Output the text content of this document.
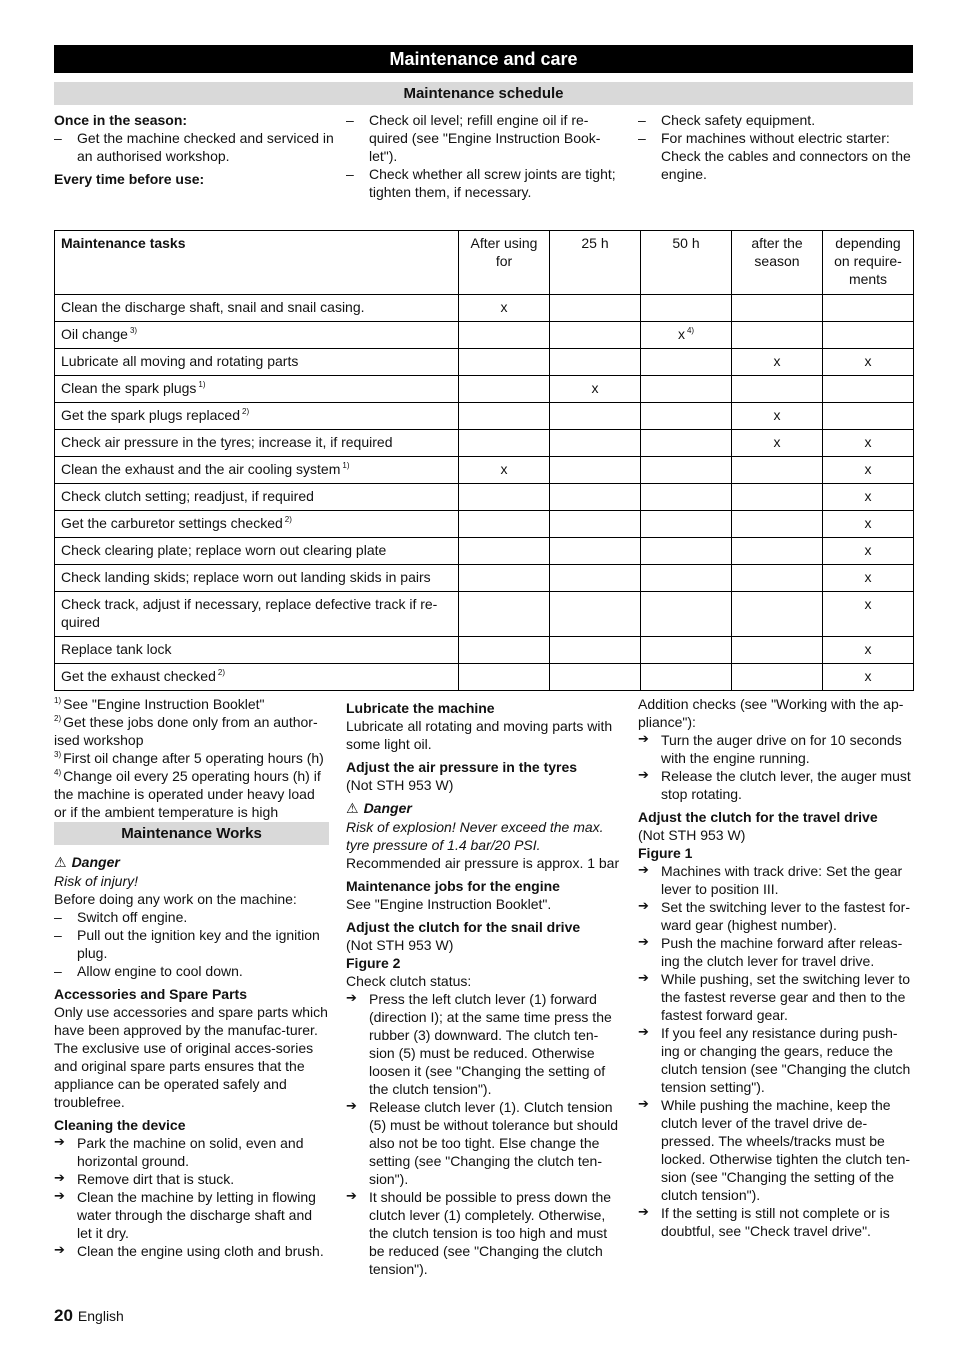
Maintenance and care
Maintenance schedule
Once in the season:
– Get the machine checked and serviced in an authorised workshop.
Every time before use:
– Check oil level; refill engine oil if re-quired (see "Engine Instruction Book-let").
– Check whether all screw joints are tight; tighten them, if necessary.
– Check safety equipment.
– For machines without electric starter: Check the cables and connectors on the engine.
Maintenance tasks	After using for	25 h	50 h	after the season	depending on require-ments
Clean the discharge shaft, snail and snail casing.	x				
Oil change $^{3)}$			x $^{4)}$		
Lubricate all moving and rotating parts				x	x
Clean the spark plugs $^{1)}$		x			
Get the spark plugs replaced $^{2)}$				x	
Check air pressure in the tyres; increase it, if required				x	x
Clean the exhaust and the air cooling system $^{1)}$	x				x
Check clutch setting; readjust, if required					x
Get the carburetor settings checked $^{2)}$					x
Check clearing plate; replace worn out clearing plate					x
Check landing skids; replace worn out landing skids in pairs					x
Check track, adjust if necessary, replace defective track if re-quired					x
Replace tank lock					x
Get the exhaust checked $^{2)}$					x
$^{1)}$ See "Engine Instruction Booklet"
$^{2)}$ Get these jobs done only from an author-ised workshop
$^{3)}$ First oil change after 5 operating hours (h)
$^{4)}$ Change oil every 25 operating hours (h) if the machine is operated under heavy load or if the ambient temperature is high
Maintenance Works
⚠ Danger
Risk of injury!
Before doing any work on the machine:
– Switch off engine.
– Pull out the ignition key and the ignition plug.
– Allow engine to cool down.
Accessories and Spare Parts
Only use accessories and spare parts which have been approved by the manufac-turer. The exclusive use of original acces-sories and original spare parts ensures that the appliance can be operated safely and troublefree.
Cleaning the device
➔ Park the machine on solid, even and horizontal ground.
➔ Remove dirt that is stuck.
➔ Clean the machine by letting in flowing water through the discharge shaft and let it dry.
➔ Clean the engine using cloth and brush.
Lubricate the machine
Lubricate all rotating and moving parts with some light oil.
Adjust the air pressure in the tyres
(Not STH 953 W)
⚠ Danger
Risk of explosion! Never exceed the max. tyre pressure of 1.4 bar/20 PSI.
Recommended air pressure is approx. 1 bar
Maintenance jobs for the engine
See "Engine Instruction Booklet".
Adjust the clutch for the snail drive
(Not STH 953 W)
Figure 2
Check clutch status:
➔ Press the left clutch lever (1) forward (direction I); at the same time press the rubber (3) downward. The clutch ten-sion (5) must be reduced. Otherwise loosen it (see "Changing the setting of the clutch tension").
➔ Release clutch lever (1). Clutch tension (5) must be without tolerance but should also not be too tight. Else change the setting (see "Changing the clutch ten-sion").
➔ It should be possible to press down the clutch lever (1) completely. Otherwise, the clutch tension is too high and must be reduced (see "Changing the clutch tension").
Addition checks (see "Working with the ap-pliance"):
➔ Turn the auger drive on for 10 seconds with the engine running.
➔ Release the clutch lever, the auger must stop rotating.
Adjust the clutch for the travel drive
(Not STH 953 W)
Figure 1
➔ Machines with track drive: Set the gear lever to position III.
➔ Set the switching lever to the fastest for-ward gear (highest number).
➔ Push the machine forward after releas-ing the clutch lever for travel drive.
➔ While pushing, set the switching lever to the fastest reverse gear and then to the fastest forward gear.
➔ If you feel any resistance during push-ing or changing the gears, reduce the clutch tension (see "Changing the clutch tension setting").
➔ While pushing the machine, keep the clutch lever of the travel drive de-pressed. The wheels/tracks must be locked. Otherwise tighten the clutch ten-sion (see "Changing the setting of the clutch tension").
➔ If the setting is still not complete or is doubtful, see "Check travel drive".
20 English
